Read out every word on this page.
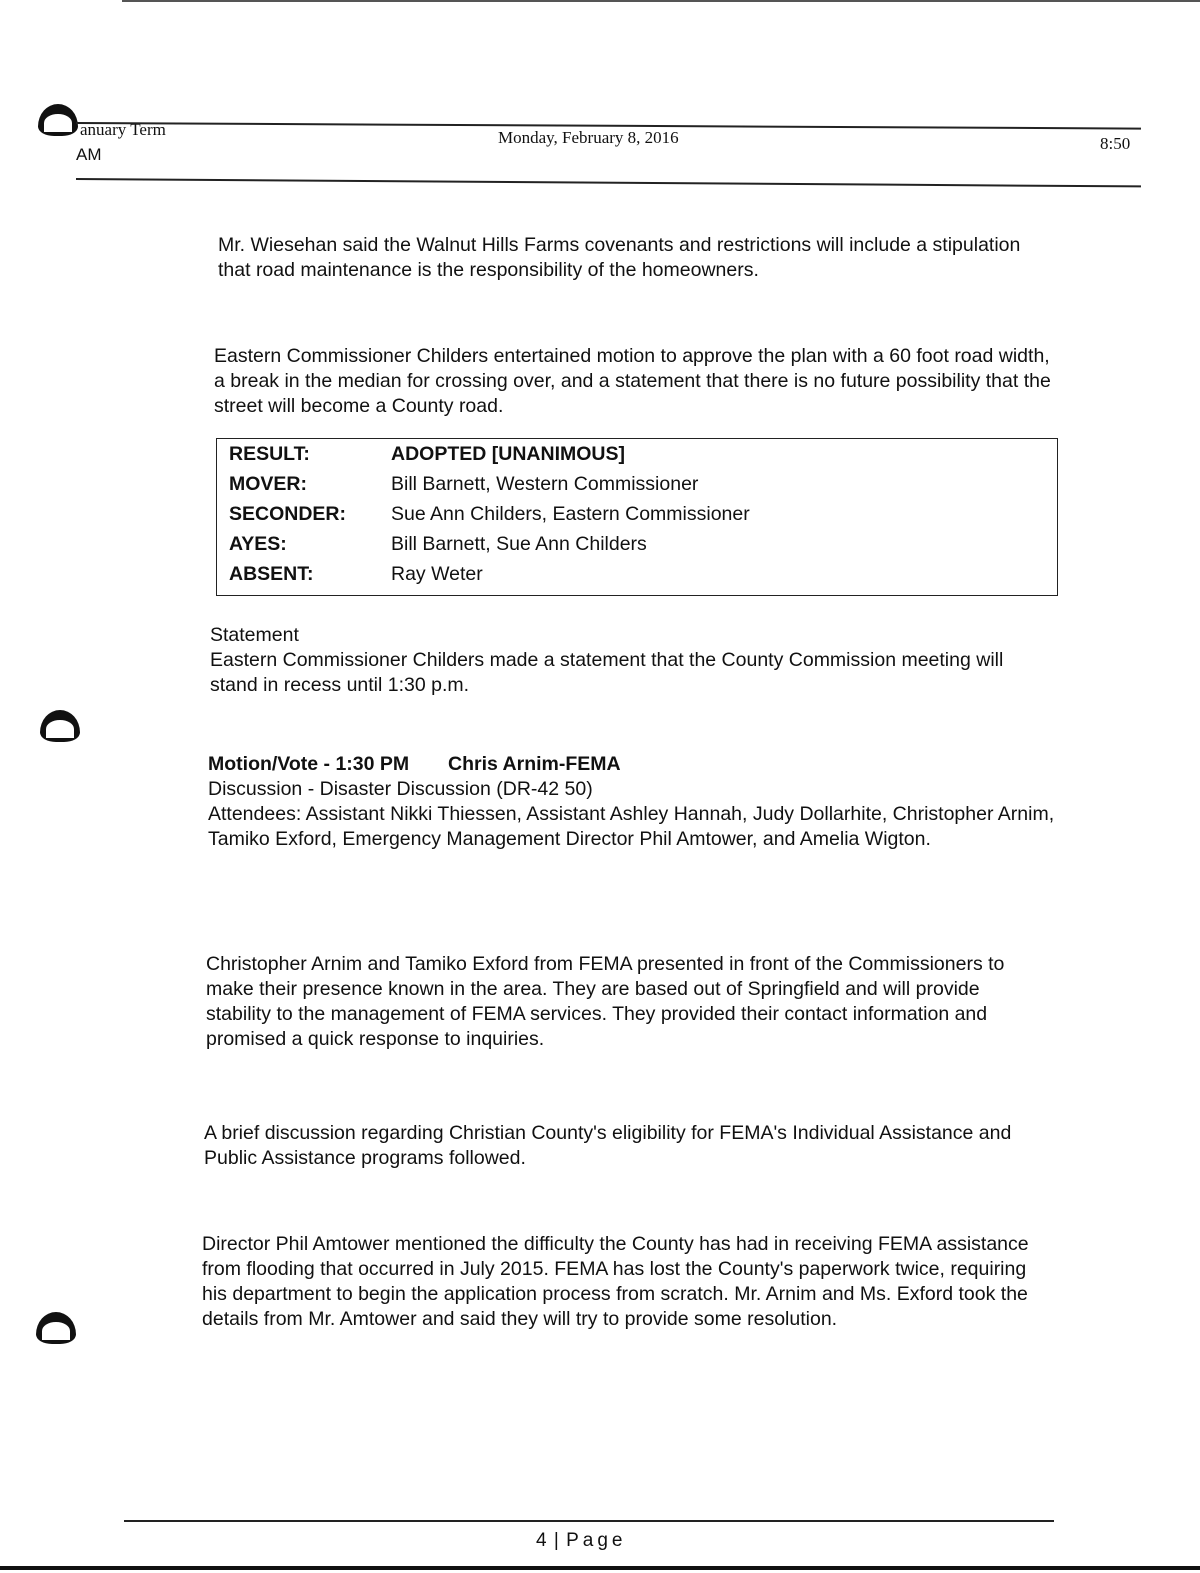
anuary Term
AM
Monday, February 8, 2016	8:50

Mr. Wiesehan said the Walnut Hills Farms covenants and restrictions will include a stipulation that road maintenance is the responsibility of the homeowners.

Eastern Commissioner Childers entertained motion to approve the plan with a 60 foot road width, a break in the median for crossing over, and a statement that there is no future possibility that the street will become a County road.

RESULT:	ADOPTED [UNANIMOUS]
MOVER:	Bill Barnett, Western Commissioner
SECONDER:	Sue Ann Childers, Eastern Commissioner
AYES:	Bill Barnett, Sue Ann Childers
ABSENT:	Ray Weter

Statement

Eastern Commissioner Childers made a statement that the County Commission meeting will stand in recess until 1:30 p.m.

Motion/Vote - 1:30 PM Chris Arnim-FEMA

Discussion - Disaster Discussion (DR-42 50)

Attendees: Assistant Nikki Thiessen, Assistant Ashley Hannah, Judy Dollarhite, Christopher Arnim, Tamiko Exford, Emergency Management Director Phil Amtower, and Amelia Wigton.

Christopher Arnim and Tamiko Exford from FEMA presented in front of the Commissioners to make their presence known in the area. They are based out of Springfield and will provide stability to the management of FEMA services. They provided their contact information and promised a quick response to inquiries.

A brief discussion regarding Christian County's eligibility for FEMA's Individual Assistance and Public Assistance programs followed.

Director Phil Amtower mentioned the difficulty the County has had in receiving FEMA assistance from flooding that occurred in July 2015. FEMA has lost the County's paperwork twice, requiring his department to begin the application process from scratch. Mr. Arnim and Ms. Exford took the details from Mr. Amtower and said they will try to provide some resolution.

4 | Page
